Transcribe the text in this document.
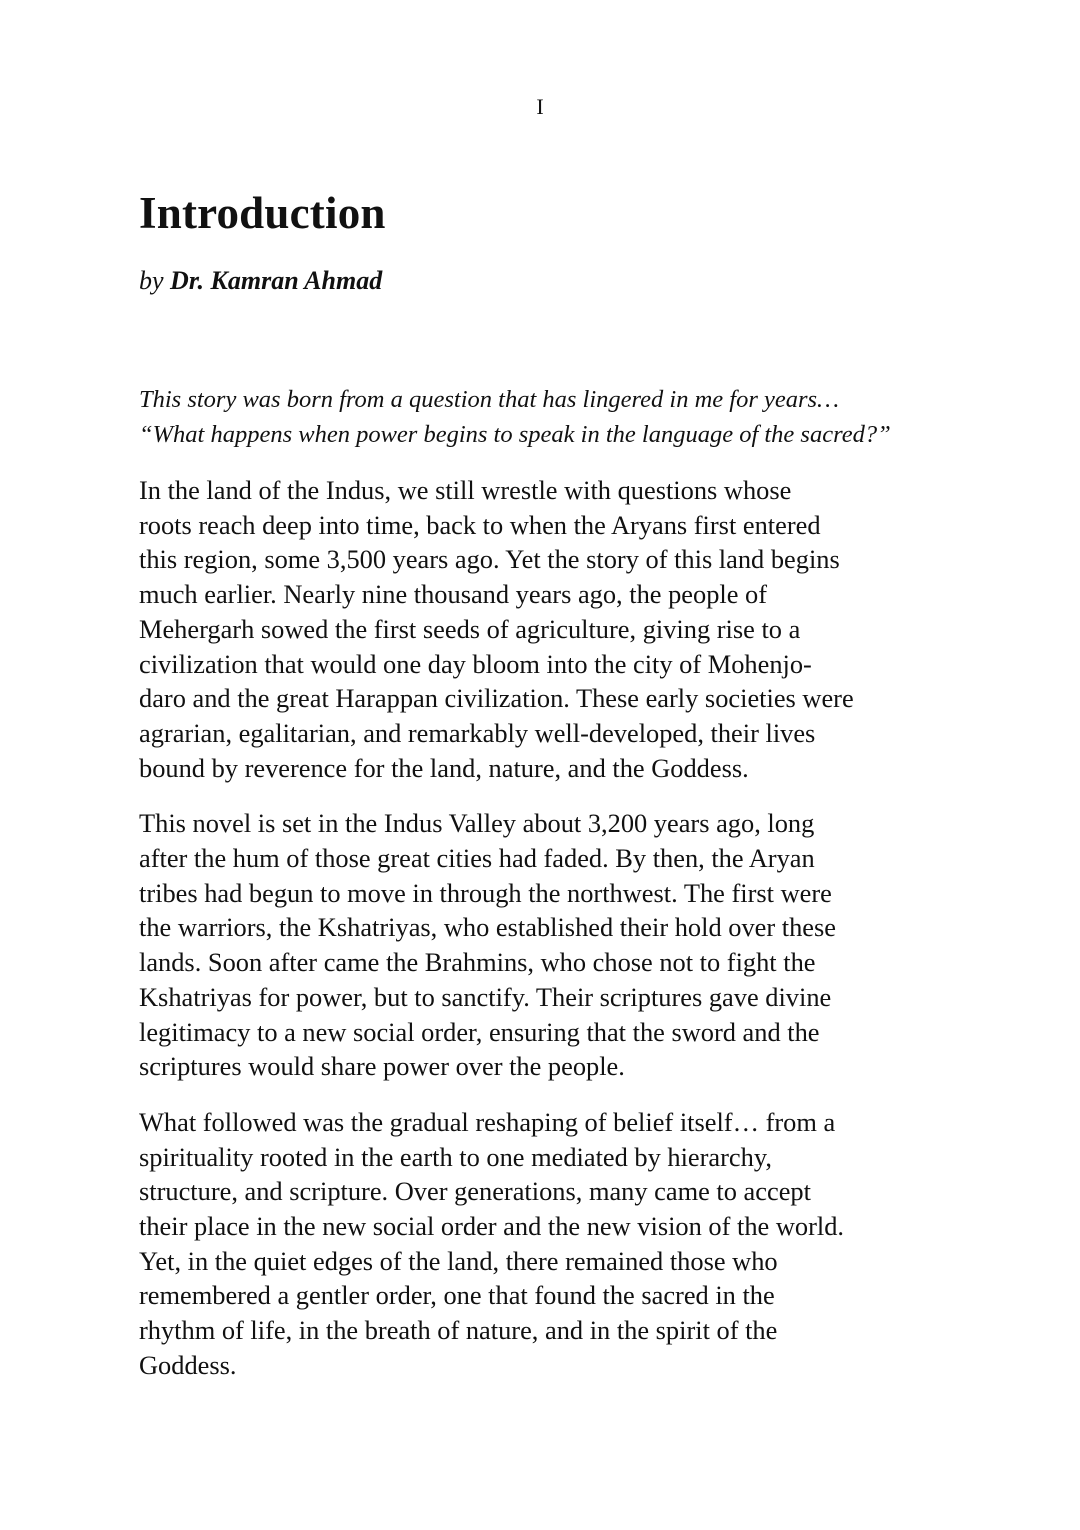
I
Introduction

by Dr. Kamran Ahmad

This story was born from a question that has lingered in me for years…
“What happens when power begins to speak in the language of the sacred?”

In the land of the Indus, we still wrestle with questions whose
roots reach deep into time, back to when the Aryans first entered
this region, some 3,500 years ago. Yet the story of this land begins
much earlier. Nearly nine thousand years ago, the people of
Mehergarh sowed the first seeds of agriculture, giving rise to a
civilization that would one day bloom into the city of Mohenjo-
daro and the great Harappan civilization. These early societies were
agrarian, egalitarian, and remarkably well-developed, their lives
bound by reverence for the land, nature, and the Goddess.

This novel is set in the Indus Valley about 3,200 years ago, long
after the hum of those great cities had faded. By then, the Aryan
tribes had begun to move in through the northwest. The first were
the warriors, the Kshatriyas, who established their hold over these
lands. Soon after came the Brahmins, who chose not to fight the
Kshatriyas for power, but to sanctify. Their scriptures gave divine
legitimacy to a new social order, ensuring that the sword and the
scriptures would share power over the people.

What followed was the gradual reshaping of belief itself… from a
spirituality rooted in the earth to one mediated by hierarchy,
structure, and scripture. Over generations, many came to accept
their place in the new social order and the new vision of the world.
Yet, in the quiet edges of the land, there remained those who
remembered a gentler order, one that found the sacred in the
rhythm of life, in the breath of nature, and in the spirit of the
Goddess.
